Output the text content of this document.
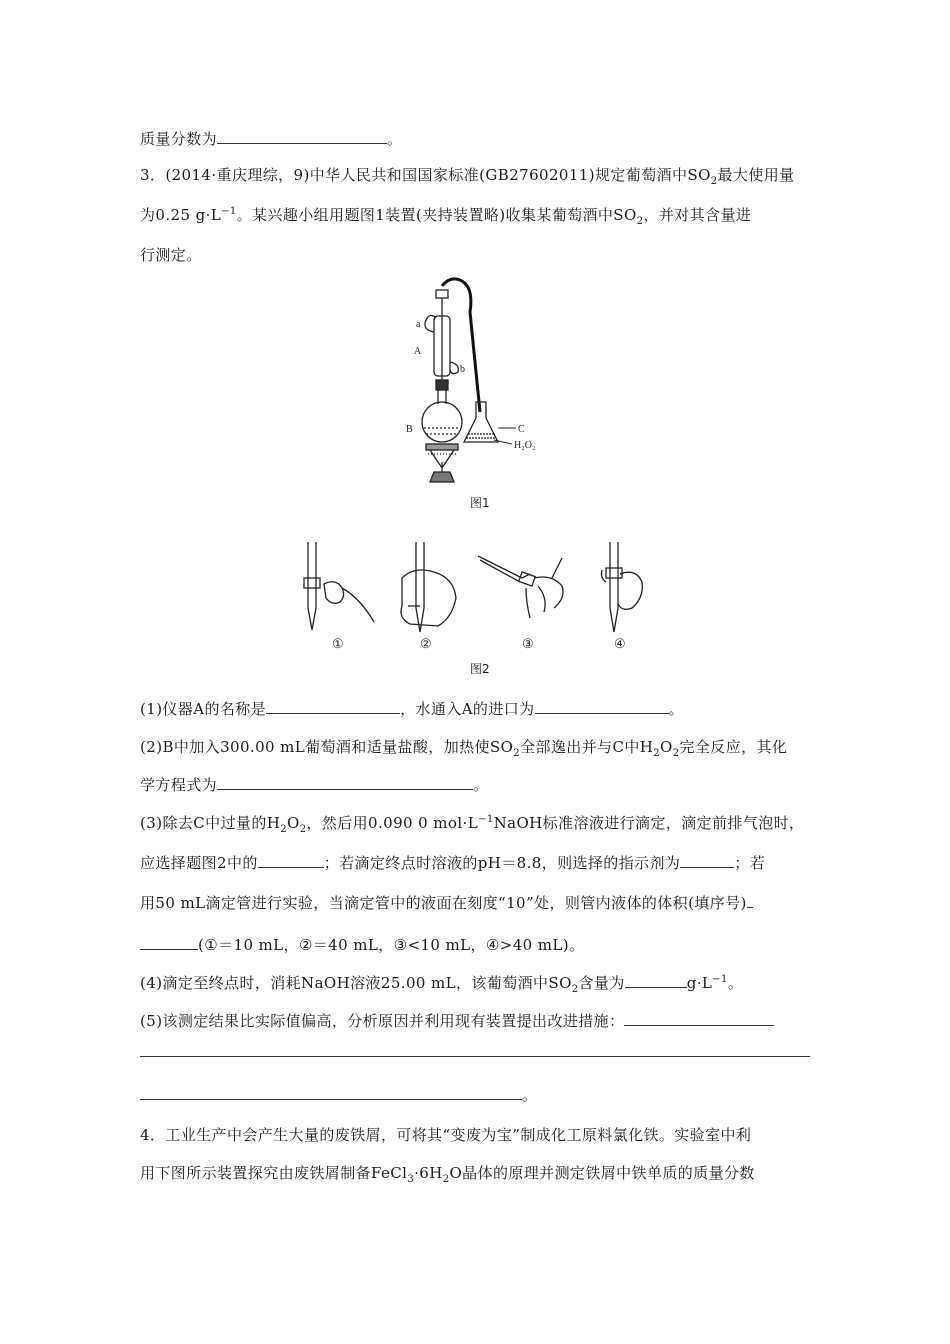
质量分数为	。
3．(2014·重庆理综，9)中华人民共和国国家标准(GB27602011)规定葡萄酒中$SO_2$最大使用量
为0.25 $g\cdot L^{-1}$。某兴趣小组用题图1装置(夹持装置略)收集某葡萄酒中$SO_2$，并对其含量进
行测定。
a
A
b
B	C
H₂O₂
图1
①	②	③	④
图2
(1)仪器A的名称是	，水通入A的进口为	。
(2)B中加入300.00 mL葡萄酒和适量盐酸，加热使$SO_2$全部逸出并与C中$H_2O_2$完全反应，其化
学方程式为	。
(3)除去C中过量的$H_2O_2$，然后用0.090 0 $mol\cdot L^{-1}NaOH$标准溶液进行滴定，滴定前排气泡时，
应选择题图2中的	；若滴定终点时溶液的pH＝8.8，则选择的指示剂为	；若
用50 mL滴定管进行实验，当滴定管中的液面在刻度“10”处，则管内液体的体积(填序号)
(①＝10 mL，②＝40 mL，③<10 mL，④>40 mL)。
(4)滴定至终点时，消耗NaOH溶液25.00 mL，该葡萄酒中$SO_2$含量为	$g\cdot L^{-1}$。
(5)该测定结果比实际值偏高，分析原因并利用现有装置提出改进措施：
。
4．工业生产中会产生大量的废铁屑，可将其“变废为宝”制成化工原料氯化铁。实验室中利
用下图所示装置探究由废铁屑制备$FeCl_3\cdot 6H_2O$晶体的原理并测定铁屑中铁单质的质量分数
